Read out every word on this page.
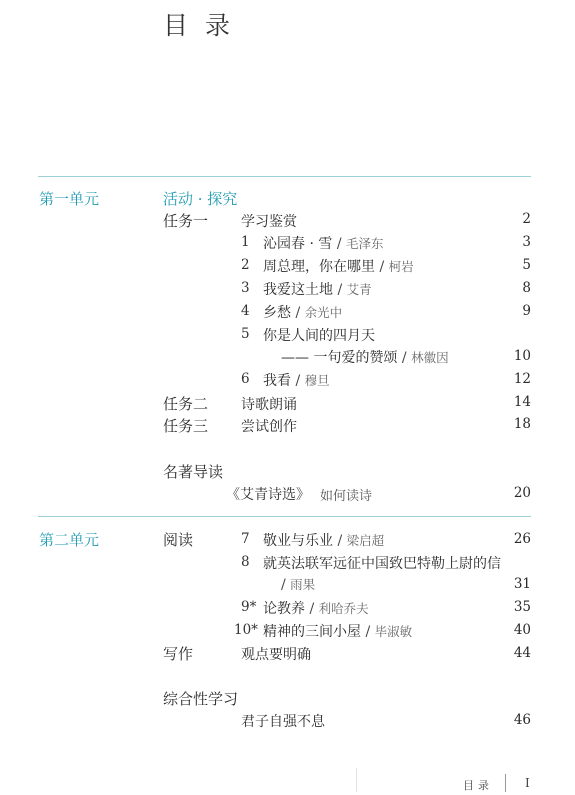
目录
第一单元	活动 · 探究
任务一 学习鉴赏	2
1 沁园春 · 雪 / 毛泽东	3
2 周总理，你在哪里 / 柯岩	5
3 我爱这土地 / 艾青	8
4 乡愁 / 余光中	9
5 你是人间的四月天
—— 一句爱的赞颂 / 林徽因	10
6 我看 / 穆旦	12
任务二 诗歌朗诵	14
任务三 尝试创作	18
名著导读
《艾青诗选》 如何读诗	20
第二单元	阅读	7 敬业与乐业 / 梁启超	26
8 就英法联军远征中国致巴特勒上尉的信
/ 雨果	31
9* 论教养 / 利哈乔夫	35
10* 精神的三间小屋 / 毕淑敏	40
写作	观点要明确	44
综合性学习
君子自强不息	46
目录	I
